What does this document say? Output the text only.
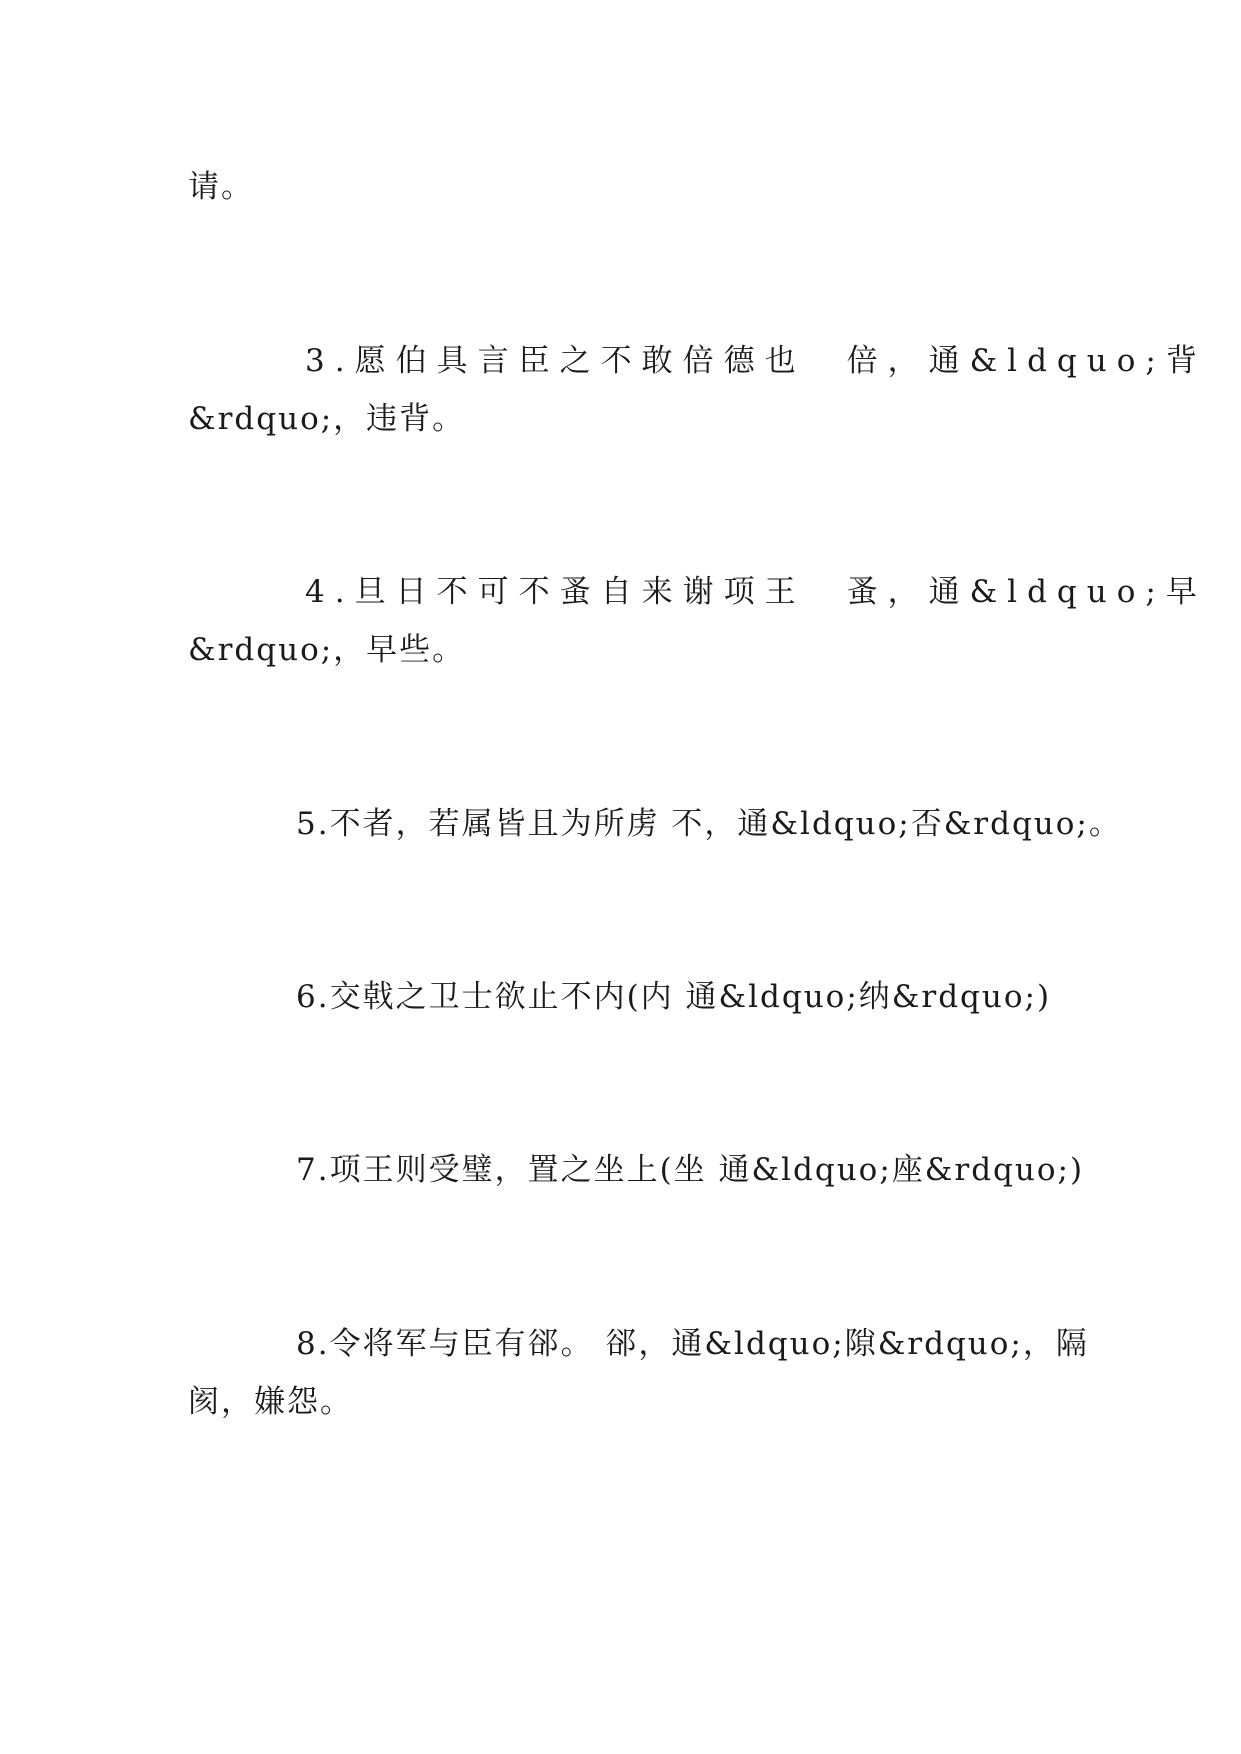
请。
3.愿伯具言臣之不敢倍德也　倍，通&ldquo;背
&rdquo;，违背。
4.旦日不可不蚤自来谢项王　蚤，通&ldquo;早
&rdquo;，早些。
5.不者，若属皆且为所虏 不，通&ldquo;否&rdquo;。
6.交戟之卫士欲止不内(内 通&ldquo;纳&rdquo;)
7.项王则受璧，置之坐上(坐 通&ldquo;座&rdquo;)
8.令将军与臣有郤。 郤，通&ldquo;隙&rdquo;，隔
阂，嫌怨。
